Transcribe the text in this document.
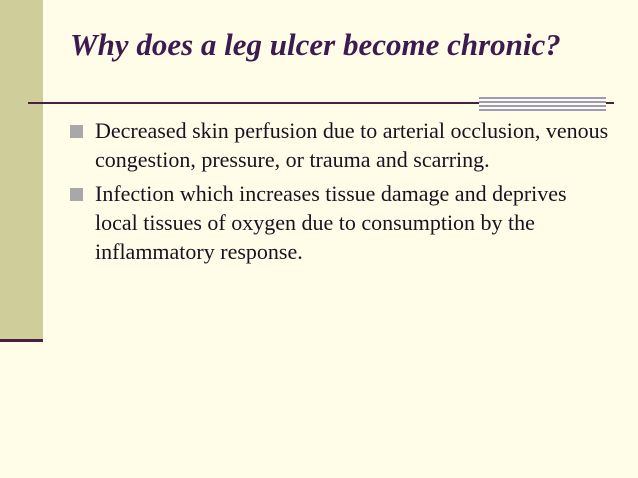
Why does a leg ulcer become chronic?
Decreased skin perfusion due to arterial occlusion, venous congestion, pressure, or trauma and scarring.
Infection which increases tissue damage and deprives local tissues of oxygen due to consumption by the inflammatory response.
